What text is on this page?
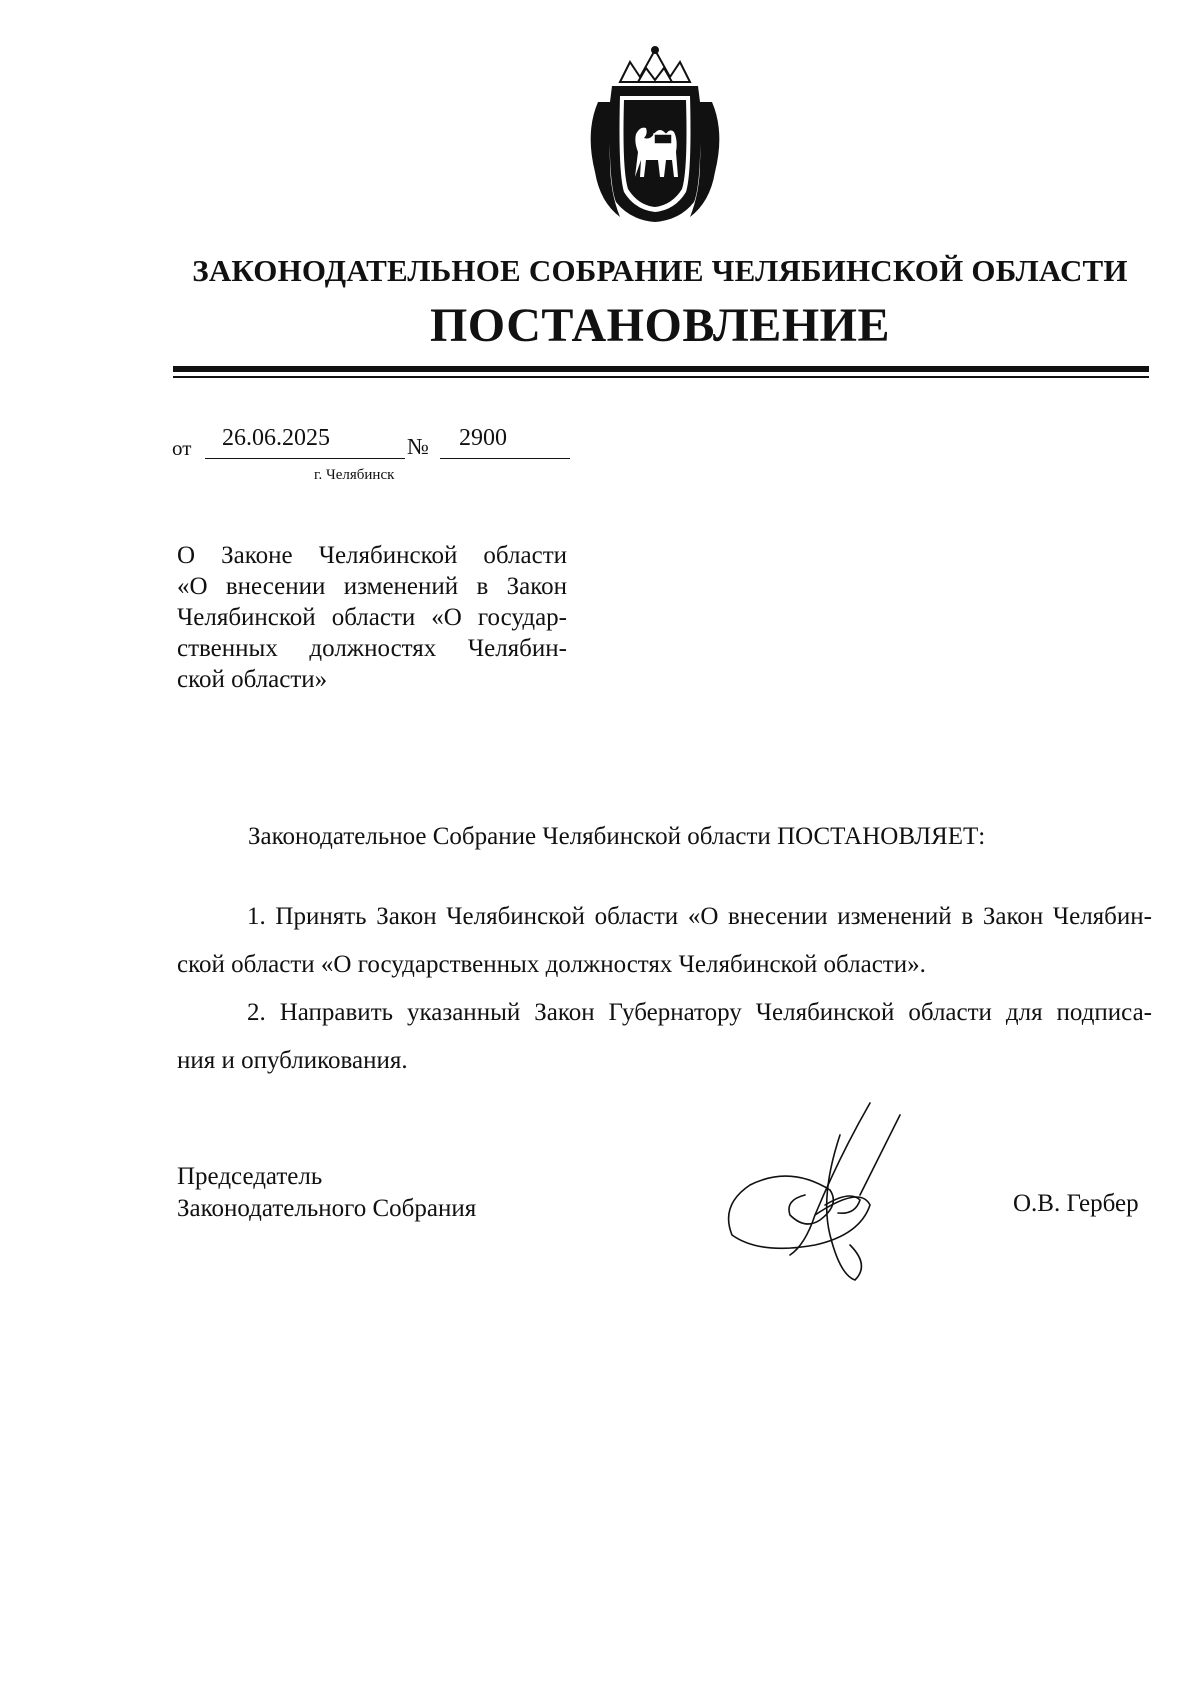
ЗАКОНОДАТЕЛЬНОЕ СОБРАНИЕ ЧЕЛЯБИНСКОЙ ОБЛАСТИ
ПОСТАНОВЛЕНИЕ
от 26.06.2025	№ 2900
г. Челябинск
О Законе Челябинской области
«О внесении изменений в Закон
Челябинской области «О государ-
ственных должностях Челябин-
ской области»
Законодательное Собрание Челябинской области ПОСТАНОВЛЯЕТ:
1. Принять Закон Челябинской области «О внесении изменений в Закон Челябин-
ской области «О государственных должностях Челябинской области».
2. Направить указанный Закон Губернатору Челябинской области для подписа-
ния и опубликования.
Председатель
Законодательного Собрания	О.В. Гербер
